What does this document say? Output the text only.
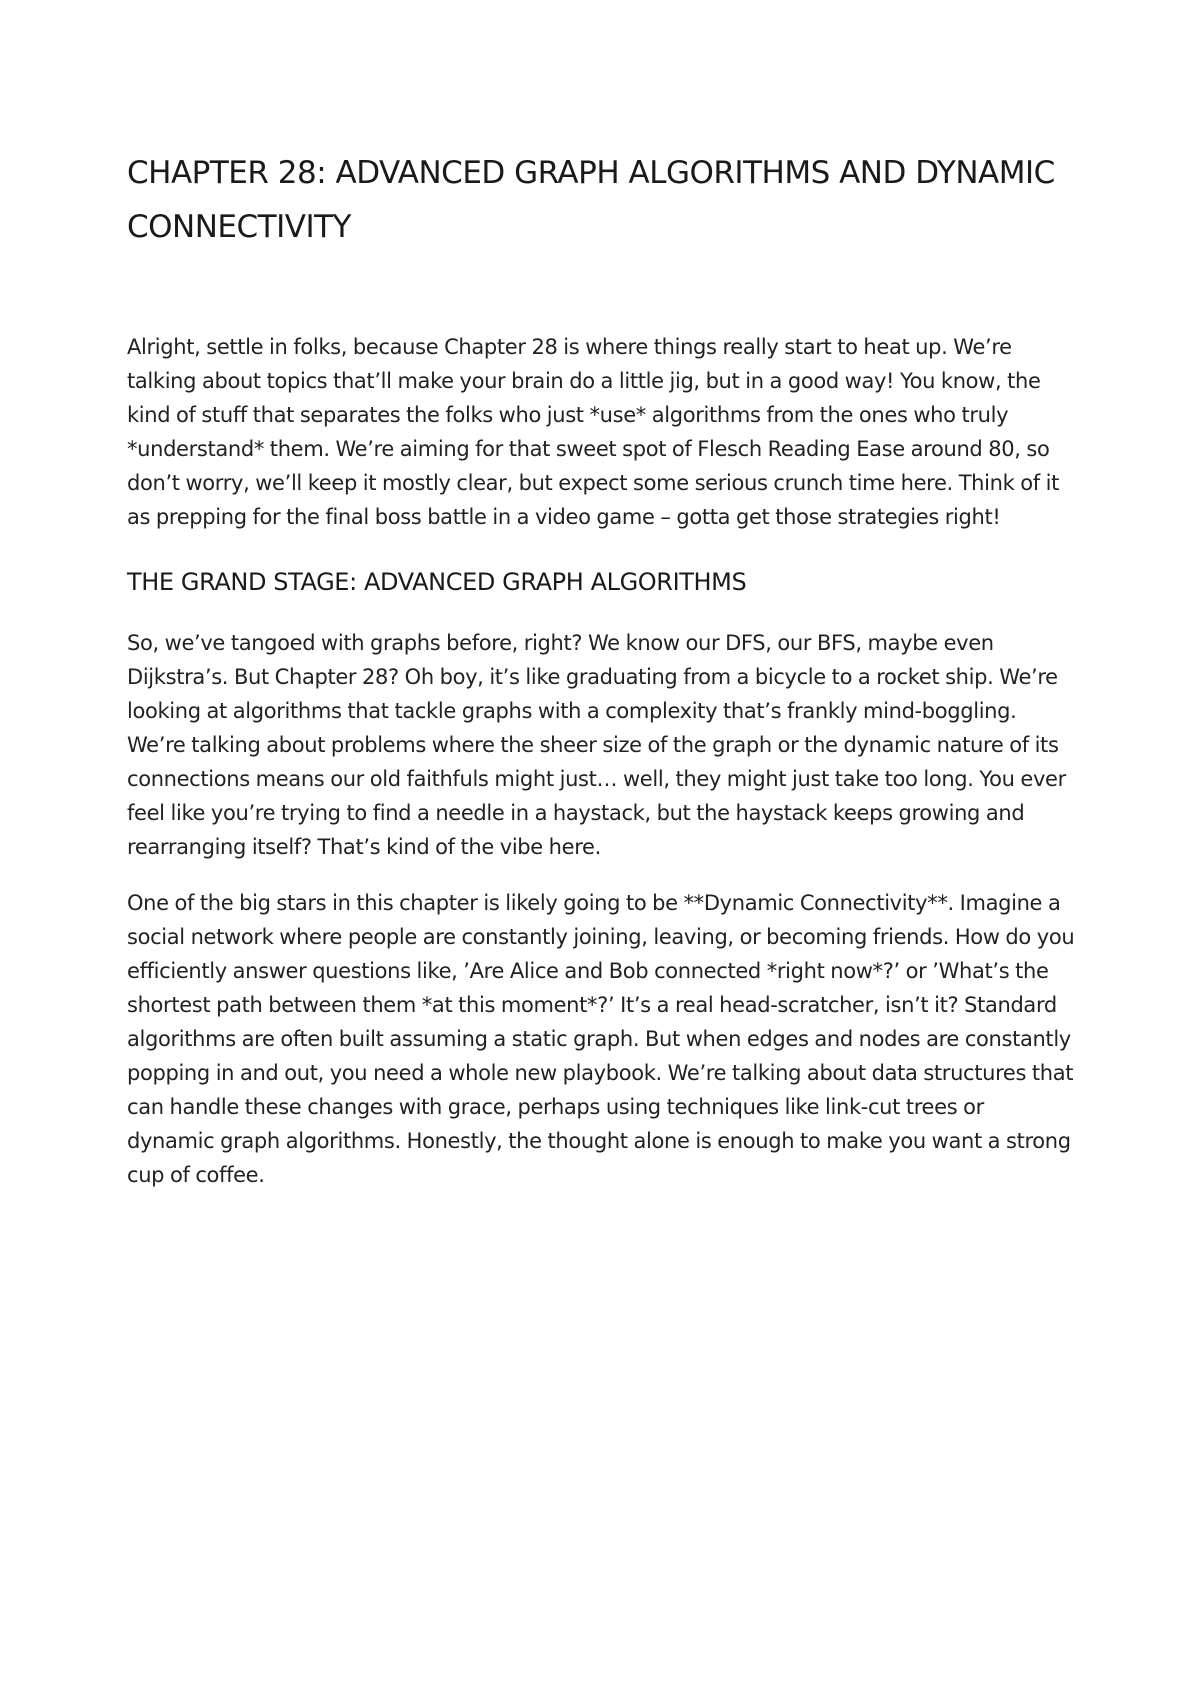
CHAPTER 28: ADVANCED GRAPH ALGORITHMS AND DYNAMIC CONNECTIVITY

Alright, settle in folks, because Chapter 28 is where things really start to heat up. We’re talking about topics that’ll make your brain do a little jig, but in a good way! You know, the kind of stuff that separates the folks who just *use* algorithms from the ones who truly *understand* them. We’re aiming for that sweet spot of Flesch Reading Ease around 80, so don’t worry, we’ll keep it mostly clear, but expect some serious crunch time here. Think of it as prepping for the final boss battle in a video game – gotta get those strategies right!

THE GRAND STAGE: ADVANCED GRAPH ALGORITHMS

So, we’ve tangoed with graphs before, right? We know our DFS, our BFS, maybe even Dijkstra’s. But Chapter 28? Oh boy, it’s like graduating from a bicycle to a rocket ship. We’re looking at algorithms that tackle graphs with a complexity that’s frankly mind-boggling. We’re talking about problems where the sheer size of the graph or the dynamic nature of its connections means our old faithfuls might just… well, they might just take too long. You ever feel like you’re trying to find a needle in a haystack, but the haystack keeps growing and rearranging itself? That’s kind of the vibe here.

One of the big stars in this chapter is likely going to be **Dynamic Connectivity**. Imagine a social network where people are constantly joining, leaving, or becoming friends. How do you efficiently answer questions like, ’Are Alice and Bob connected *right now*?’ or ’What’s the shortest path between them *at this moment*?’ It’s a real head-scratcher, isn’t it? Standard algorithms are often built assuming a static graph. But when edges and nodes are constantly popping in and out, you need a whole new playbook. We’re talking about data structures that can handle these changes with grace, perhaps using techniques like link-cut trees or dynamic graph algorithms. Honestly, the thought alone is enough to make you want a strong cup of coffee.
